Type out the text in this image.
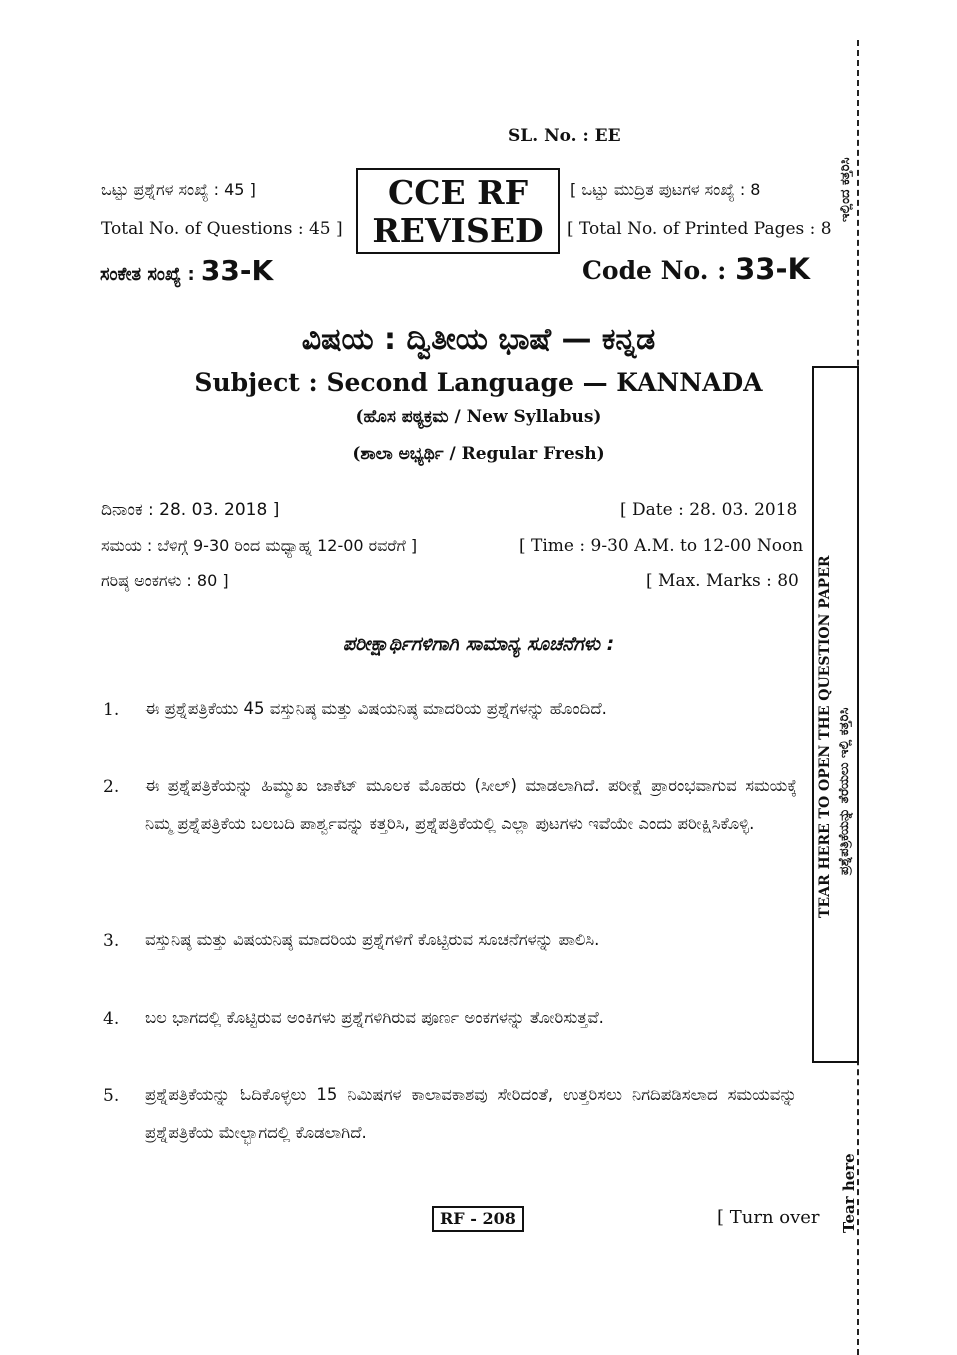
SL. No. : EE
ಒಟ್ಟು ಪ್ರಶ್ನೆಗಳ ಸಂಖ್ಯೆ : 45 ]
Total No. of Questions : 45 ]
CCE RF
REVISED
[ ಒಟ್ಟು ಮುದ್ರಿತ ಪುಟಗಳ ಸಂಖ್ಯೆ : 8
[ Total No. of Printed Pages : 8
ಸಂಕೇತ ಸಂಖ್ಯೆ : 33-K	Code No. : 33-K
ವಿಷಯ : ದ್ವಿತೀಯ ಭಾಷೆ — ಕನ್ನಡ
Subject : Second Language — KANNADA
(ಹೊಸ ಪಠ್ಯಕ್ರಮ / New Syllabus)
(ಶಾಲಾ ಅಭ್ಯರ್ಥಿ / Regular Fresh)
ದಿನಾಂಕ : 28. 03. 2018 ]	[ Date : 28. 03. 2018
ಸಮಯ : ಬೆಳಿಗ್ಗೆ 9-30 ರಿಂದ ಮಧ್ಯಾಹ್ನ 12-00 ರವರೆಗೆ ]	[ Time : 9-30 A.M. to 12-00 Noon
ಗರಿಷ್ಠ ಅಂಕಗಳು : 80 ]	[ Max. Marks : 80
ಪರೀಕ್ಷಾರ್ಥಿಗಳಿಗಾಗಿ ಸಾಮಾನ್ಯ ಸೂಚನೆಗಳು :
1. ಈ ಪ್ರಶ್ನೆಪತ್ರಿಕೆಯು 45 ವಸ್ತುನಿಷ್ಠ ಮತ್ತು ವಿಷಯನಿಷ್ಠ ಮಾದರಿಯ ಪ್ರಶ್ನೆಗಳನ್ನು ಹೊಂದಿದೆ.
2. ಈ ಪ್ರಶ್ನೆಪತ್ರಿಕೆಯನ್ನು ಹಿಮ್ಮುಖ ಜಾಕೆಟ್ ಮೂಲಕ ಮೊಹರು (ಸೀಲ್) ಮಾಡಲಾಗಿದೆ. ಪರೀಕ್ಷೆ ಪ್ರಾರಂಭವಾಗುವ ಸಮಯಕ್ಕೆ ನಿಮ್ಮ ಪ್ರಶ್ನೆಪತ್ರಿಕೆಯ ಬಲಬದಿ ಪಾರ್ಶ್ವವನ್ನು ಕತ್ತರಿಸಿ, ಪ್ರಶ್ನೆಪತ್ರಿಕೆಯಲ್ಲಿ ಎಲ್ಲಾ ಪುಟಗಳು ಇವೆಯೇ ಎಂದು ಪರೀಕ್ಷಿಸಿಕೊಳ್ಳಿ.
3. ವಸ್ತುನಿಷ್ಠ ಮತ್ತು ವಿಷಯನಿಷ್ಠ ಮಾದರಿಯ ಪ್ರಶ್ನೆಗಳಿಗೆ ಕೊಟ್ಟಿರುವ ಸೂಚನೆಗಳನ್ನು ಪಾಲಿಸಿ.
4. ಬಲ ಭಾಗದಲ್ಲಿ ಕೊಟ್ಟಿರುವ ಅಂಕಿಗಳು ಪ್ರಶ್ನೆಗಳಿಗಿರುವ ಪೂರ್ಣ ಅಂಕಗಳನ್ನು ತೋರಿಸುತ್ತವೆ.
5. ಪ್ರಶ್ನೆಪತ್ರಿಕೆಯನ್ನು ಓದಿಕೊಳ್ಳಲು 15 ನಿಮಿಷಗಳ ಕಾಲಾವಕಾಶವು ಸೇರಿದಂತೆ, ಉತ್ತರಿಸಲು ನಿಗದಿಪಡಿಸಲಾದ ಸಮಯವನ್ನು ಪ್ರಶ್ನೆಪತ್ರಿಕೆಯ ಮೇಲ್ಭಾಗದಲ್ಲಿ ಕೊಡಲಾಗಿದೆ.
RF - 208	[ Turn over
ಇಲ್ಲಿಂದ ಕತ್ತರಿಸಿ
TEAR HERE TO OPEN THE QUESTION PAPER ಪ್ರಶ್ನೆಪತ್ರಿಕೆಯನ್ನು ತೆರೆಯಲು ಇಲ್ಲಿ ಕತ್ತರಿಸಿ
Tear here
